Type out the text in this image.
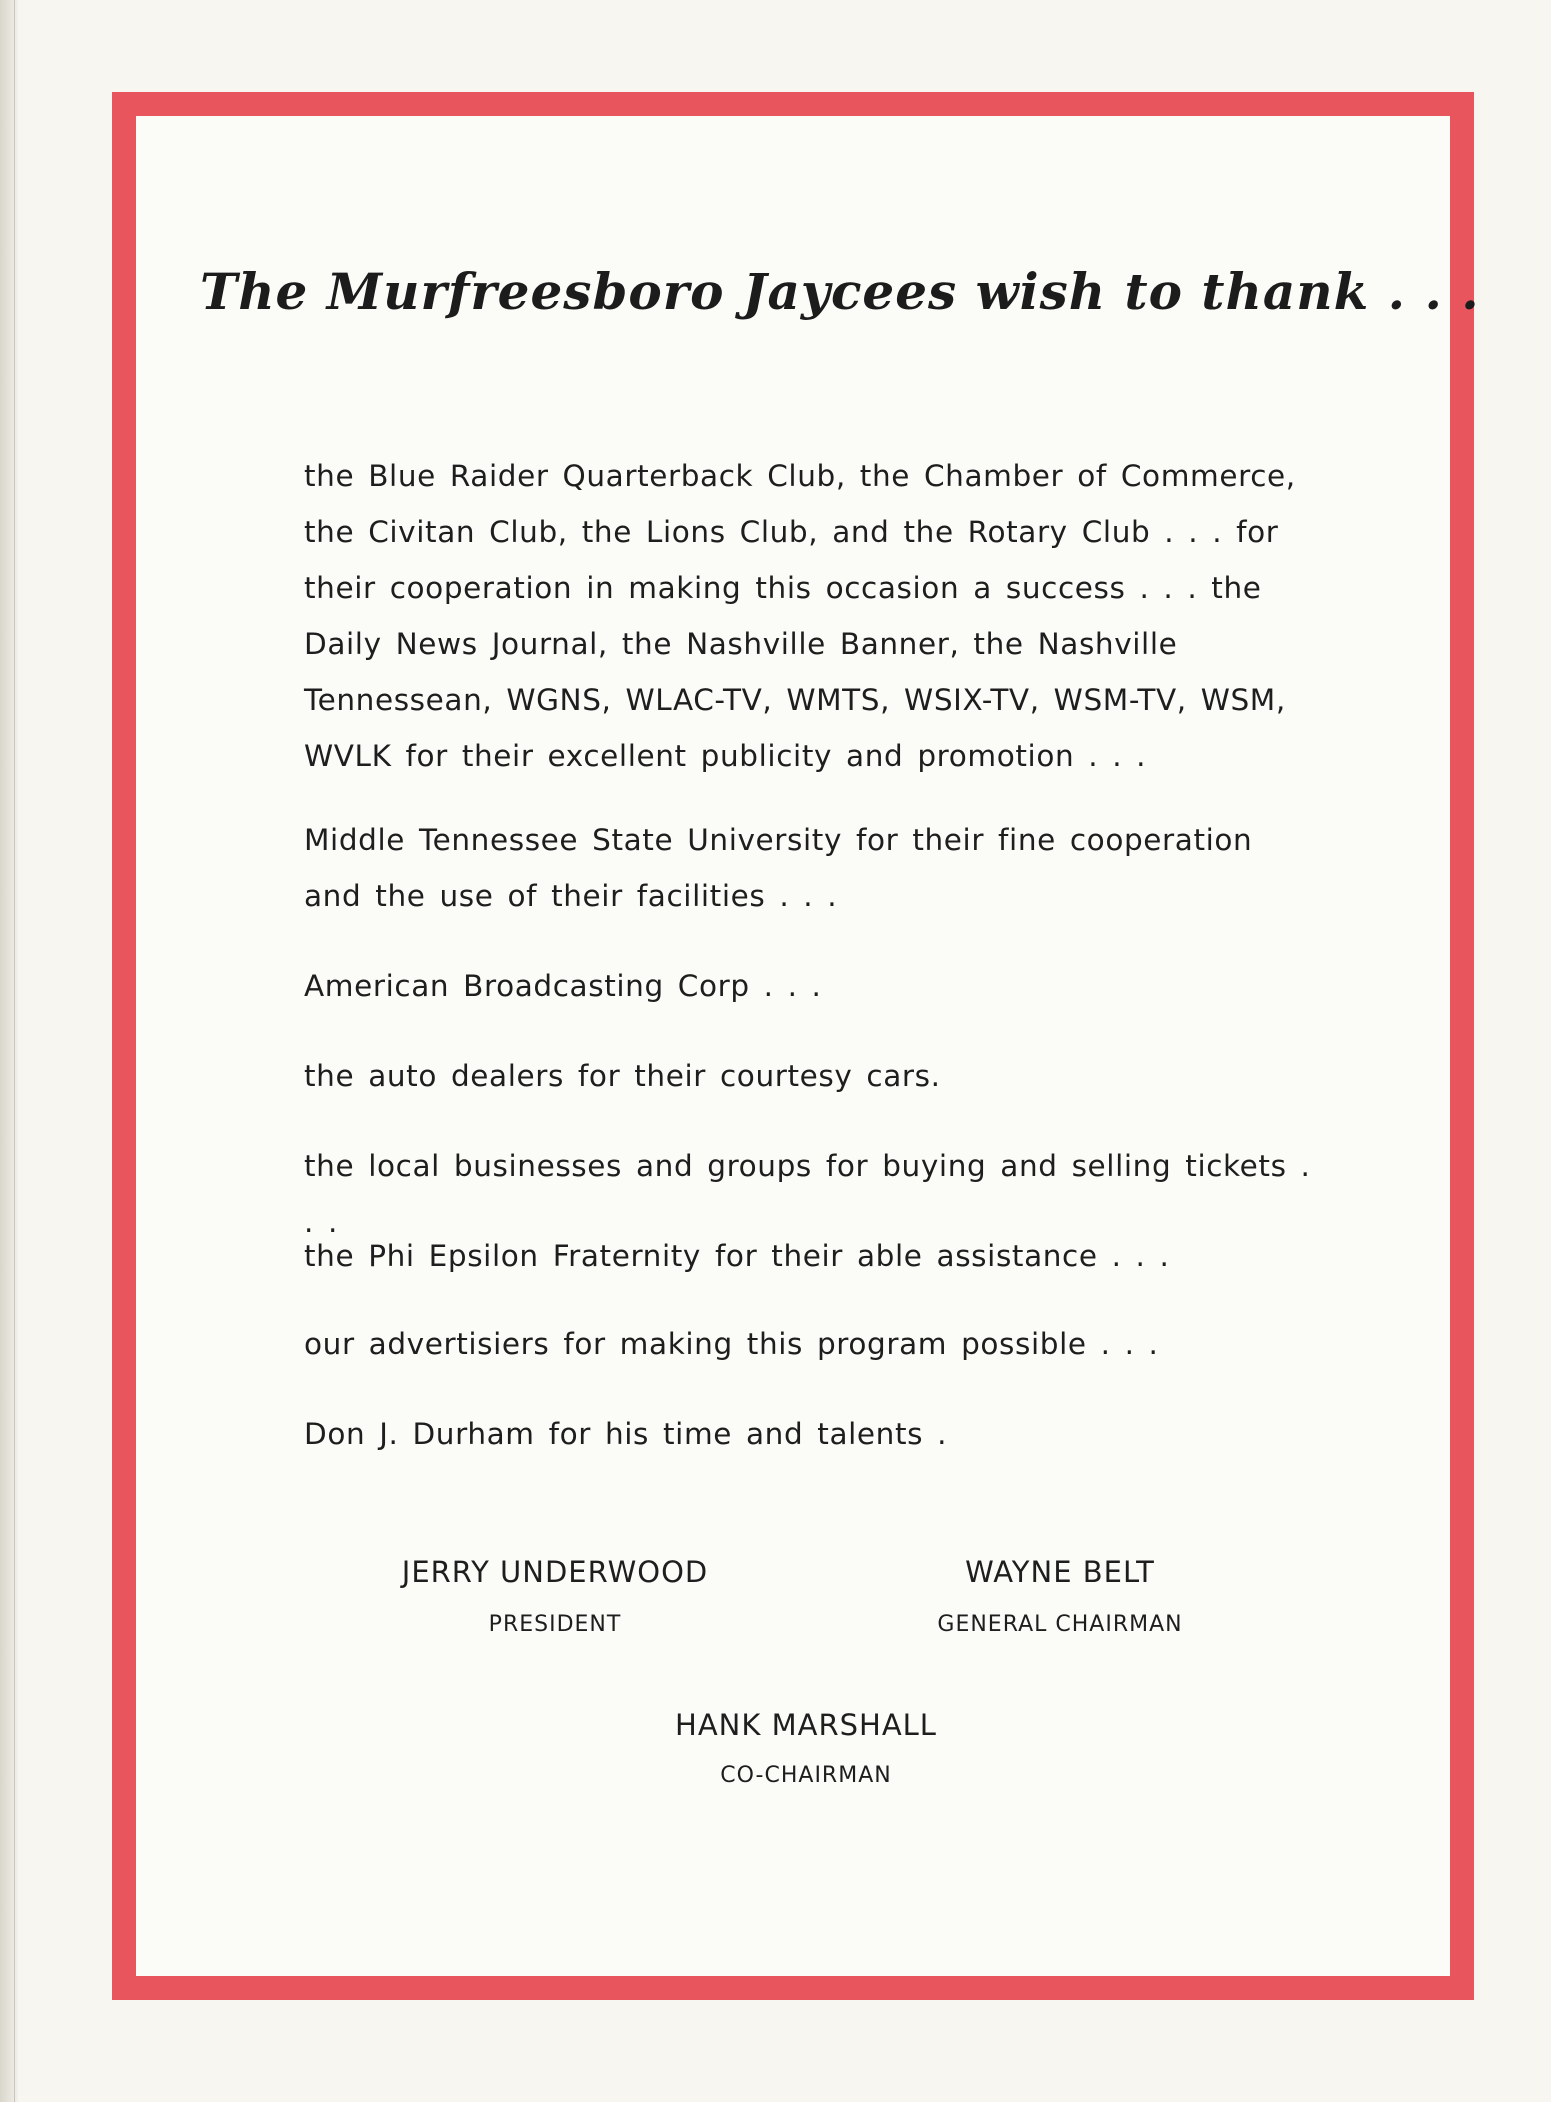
The Murfreesboro Jaycees wish to thank . . .

the Blue Raider Quarterback Club, the Chamber of Commerce, the Civitan Club, the Lions Club, and the Rotary Club . . . for their cooperation in making this occasion a success . . . the Daily News Journal, the Nashville Banner, the Nashville Tennessean, WGNS, WLAC-TV, WMTS, WSIX-TV, WSM-TV, WSM, WVLK for their excellent publicity and promotion . . .

Middle Tennessee State University for their fine cooperation and the use of their facilities . . .

American Broadcasting Corp . . .

the auto dealers for their courtesy cars.

the local businesses and groups for buying and selling tickets . . .

the Phi Epsilon Fraternity for their able assistance . . .

our advertisiers for making this program possible . . .

Don J. Durham for his time and talents .

JERRY UNDERWOOD

PRESIDENT

WAYNE BELT

GENERAL CHAIRMAN

HANK MARSHALL

CO-CHAIRMAN
